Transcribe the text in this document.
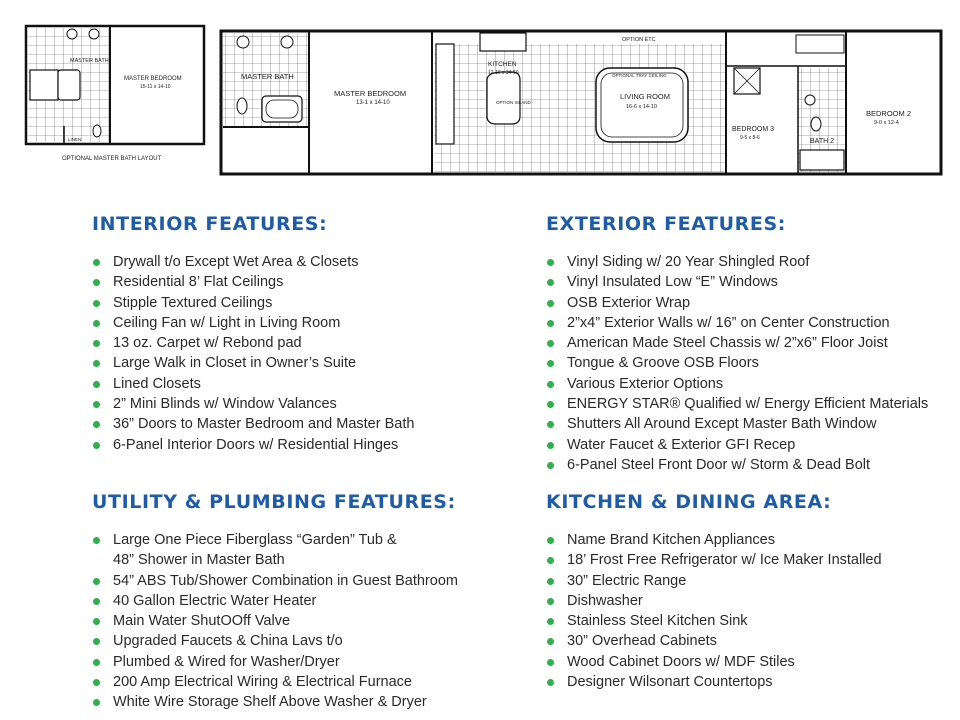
MASTER BATH
LINEN
MASTER BEDROOM
15-11 x 14-10
OPTIONAL MASTER BATH LAYOUT
MASTER BATH
MASTER BEDROOM
13-1 x 14-10
KITCHEN
12-11 x 14-10
OPTION ISLAND
OPTION ETC
OPTIONAL TRAY CEILING
LIVING ROOM
16-6 x 14-10
BEDROOM 3
9-5 x 8-6	BATH 2
BEDROOM 2
9-0 x 12-4
INTERIOR FEATURES:
Drywall t/o Except Wet Area & Closets
Residential 8’ Flat Ceilings
Stipple Textured Ceilings
Ceiling Fan w/ Light in Living Room
13 oz. Carpet w/ Rebond pad
Large Walk in Closet in Owner’s Suite
Lined Closets
2” Mini Blinds w/ Window Valances
36” Doors to Master Bedroom and Master Bath
6-Panel Interior Doors w/ Residential Hinges
EXTERIOR FEATURES:
Vinyl Siding w/ 20 Year Shingled Roof
Vinyl Insulated Low “E” Windows
OSB Exterior Wrap
2”x4” Exterior Walls w/ 16” on Center Construction
American Made Steel Chassis w/ 2”x6” Floor Joist
Tongue & Groove OSB Floors
Various Exterior Options
ENERGY STAR® Qualified w/ Energy Efficient Materials
Shutters All Around Except Master Bath Window
Water Faucet & Exterior GFI Recep
6-Panel Steel Front Door w/ Storm & Dead Bolt
UTILITY & PLUMBING FEATURES:
Large One Piece Fiberglass “Garden” Tub &
48” Shower in Master Bath
54” ABS Tub/Shower Combination in Guest Bathroom
40 Gallon Electric Water Heater
Main Water ShutOOff Valve
Upgraded Faucets & China Lavs t/o
Plumbed & Wired for Washer/Dryer
200 Amp Electrical Wiring & Electrical Furnace
White Wire Storage Shelf Above Washer & Dryer
KITCHEN & DINING AREA:
Name Brand Kitchen Appliances
18’ Frost Free Refrigerator w/ Ice Maker Installed
30” Electric Range
Dishwasher
Stainless Steel Kitchen Sink
30” Overhead Cabinets
Wood Cabinet Doors w/ MDF Stiles
Designer Wilsonart Countertops
